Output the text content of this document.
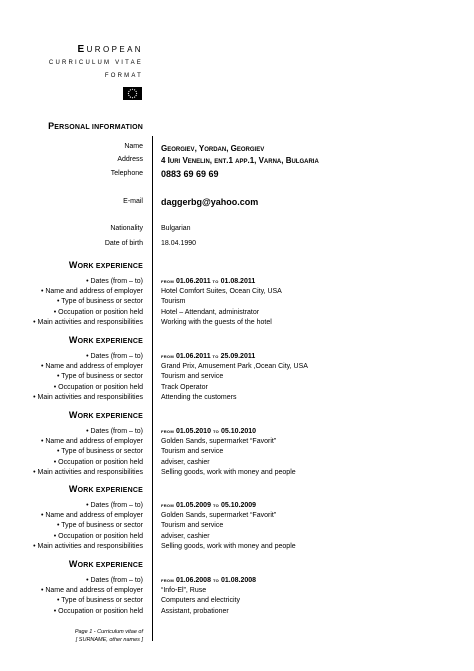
EUROPEAN
CURRICULUM VITAE
FORMAT
PERSONAL INFORMATION
Name Georgiev, Yordan, Georgiev
Address 4 Iuri Venelin, ent.1 app.1, Varna, Bulgaria
Telephone 0883 69 69 69
E-mail daggerbg@yahoo.com
Nationality	Bulgarian
Date of birth	18.04.1990
WORK EXPERIENCE
• Dates (from – to)	from 01.06.2011 to 01.08.2011
• Name and address of employer	Hotel Comfort Suites, Ocean City, USA
• Type of business or sector	Tourism
• Occupation or position held	Hotel – Attendant, administrator
• Main activities and responsibilities	Working with the guests of the hotel
WORK EXPERIENCE
• Dates (from – to)	from 01.06.2011 to 25.09.2011
• Name and address of employer	Grand Prix, Amusement Park ,Ocean City, USA
• Type of business or sector	Tourism and service
• Occupation or position held	Track Operator
• Main activities and responsibilities	Attending the customers
WORK EXPERIENCE
• Dates (from – to)	from 01.05.2010 to 05.10.2010
• Name and address of employer	Golden Sands, supermarket “Favorit”
• Type of business or sector	Tourism and service
• Occupation or position held	adviser, cashier
• Main activities and responsibilities	Selling goods, work with money and people
WORK EXPERIENCE
• Dates (from – to)	from 01.05.2009 to 05.10.2009
• Name and address of employer	Golden Sands, supermarket “Favorit”
• Type of business or sector	Tourism and service
• Occupation or position held	adviser, cashier
• Main activities and responsibilities	Selling goods, work with money and people
WORK EXPERIENCE
• Dates (from – to)	from 01.06.2008 to 01.08.2008
• Name and address of employer	“Info-El”, Ruse
• Type of business or sector	Computers and electricity
• Occupation or position held	Assistant, probationer
Page 1 - Curriculum vitae of
[ SURNAME, other names ]
